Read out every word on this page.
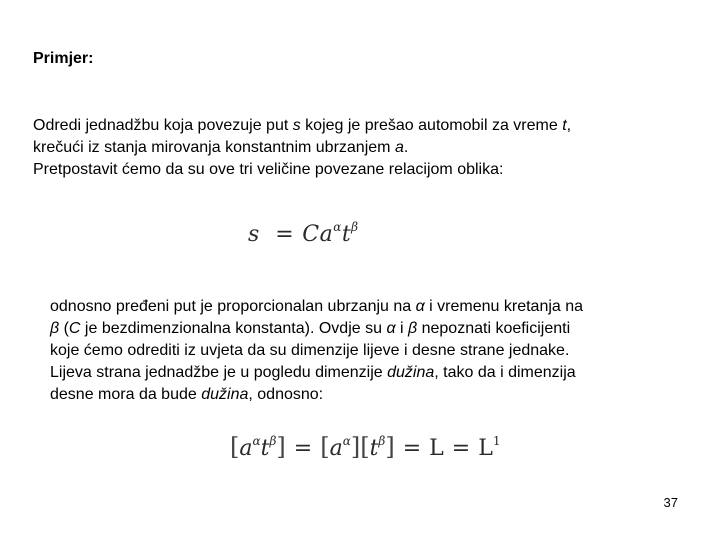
Primjer:
Odredi jednadžbu koja povezuje put s kojeg je prešao automobil za vreme t,
krečući iz stanja mirovanja konstantnim ubrzanjem a.
Pretpostavit ćemo da su ove tri veličine povezane relacijom oblika:
$s = Ca^\alpha t^\beta$
odnosno pređeni put je proporcionalan ubrzanju na α i vremenu kretanja na
β (C je bezdimenzionalna konstanta). Ovdje su α i β nepoznati koeficijenti
koje ćemo odrediti iz uvjeta da su dimenzije lijeve i desne strane jednake.
Lijeva strana jednadžbe je u pogledu dimenzije dužina, tako da i dimenzija
desne mora da bude dužina, odnosno:
$[a^\alpha t^\beta] = [a^\alpha][t^\beta] = L = L^1$
37
